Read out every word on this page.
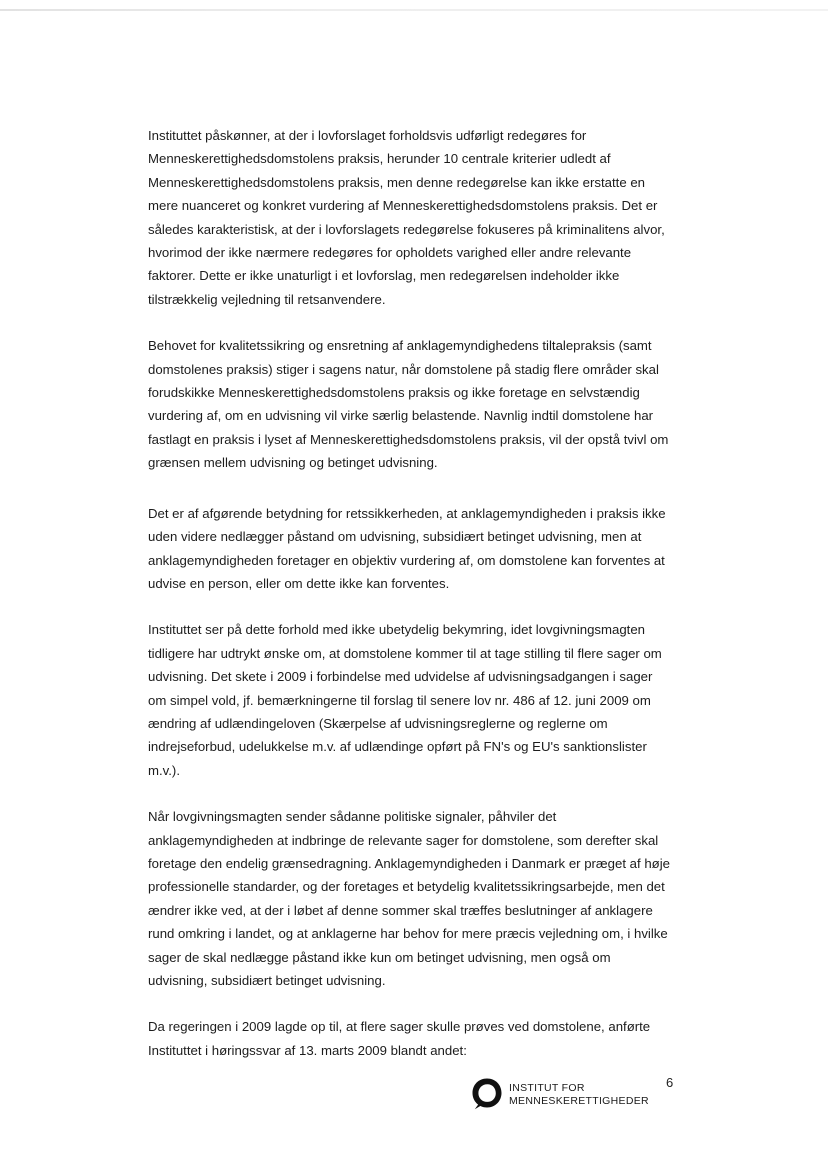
Instituttet påskønner, at der i lovforslaget forholdsvis udførligt redegøres for
Menneskerettighedsdomstolens praksis, herunder 10 centrale kriterier udledt af
Menneskerettighedsdomstolens praksis, men denne redegørelse kan ikke erstatte en
mere nuanceret og konkret vurdering af Menneskerettighedsdomstolens praksis. Det er
således karakteristisk, at der i lovforslagets redegørelse fokuseres på kriminalitens alvor,
hvorimod der ikke nærmere redegøres for opholdets varighed eller andre relevante
faktorer. Dette er ikke unaturligt i et lovforslag, men redegørelsen indeholder ikke
tilstrækkelig vejledning til retsanvendere.

Behovet for kvalitetssikring og ensretning af anklagemyndighedens tiltalepraksis (samt
domstolenes praksis) stiger i sagens natur, når domstolene på stadig flere områder skal
forudskikke Menneskerettighedsdomstolens praksis og ikke foretage en selvstændig
vurdering af, om en udvisning vil virke særlig belastende. Navnlig indtil domstolene har
fastlagt en praksis i lyset af Menneskerettighedsdomstolens praksis, vil der opstå tvivl om
grænsen mellem udvisning og betinget udvisning.

Det er af afgørende betydning for retssikkerheden, at anklagemyndigheden i praksis ikke
uden videre nedlægger påstand om udvisning, subsidiært betinget udvisning, men at
anklagemyndigheden foretager en objektiv vurdering af, om domstolene kan forventes at
udvise en person, eller om dette ikke kan forventes.

Instituttet ser på dette forhold med ikke ubetydelig bekymring, idet lovgivningsmagten
tidligere har udtrykt ønske om, at domstolene kommer til at tage stilling til flere sager om
udvisning. Det skete i 2009 i forbindelse med udvidelse af udvisningsadgangen i sager
om simpel vold, jf. bemærkningerne til forslag til senere lov nr. 486 af 12. juni 2009 om
ændring af udlændingeloven (Skærpelse af udvisningsreglerne og reglerne om
indrejseforbud, udelukkelse m.v. af udlændinge opført på FN's og EU's sanktionslister
m.v.).

Når lovgivningsmagten sender sådanne politiske signaler, påhviler det
anklagemyndigheden at indbringe de relevante sager for domstolene, som derefter skal
foretage den endelig grænsedragning. Anklagemyndigheden i Danmark er præget af høje
professionelle standarder, og der foretages et betydelig kvalitetssikringsarbejde, men det
ændrer ikke ved, at der i løbet af denne sommer skal træffes beslutninger af anklagere
rund omkring i landet, og at anklagerne har behov for mere præcis vejledning om, i hvilke
sager de skal nedlægge påstand ikke kun om betinget udvisning, men også om
udvisning, subsidiært betinget udvisning.

Da regeringen i 2009 lagde op til, at flere sager skulle prøves ved domstolene, anførte
Instituttet i høringssvar af 13. marts 2009 blandt andet:

INSTITUT FOR
MENNESKERETTIGHEDER
6
